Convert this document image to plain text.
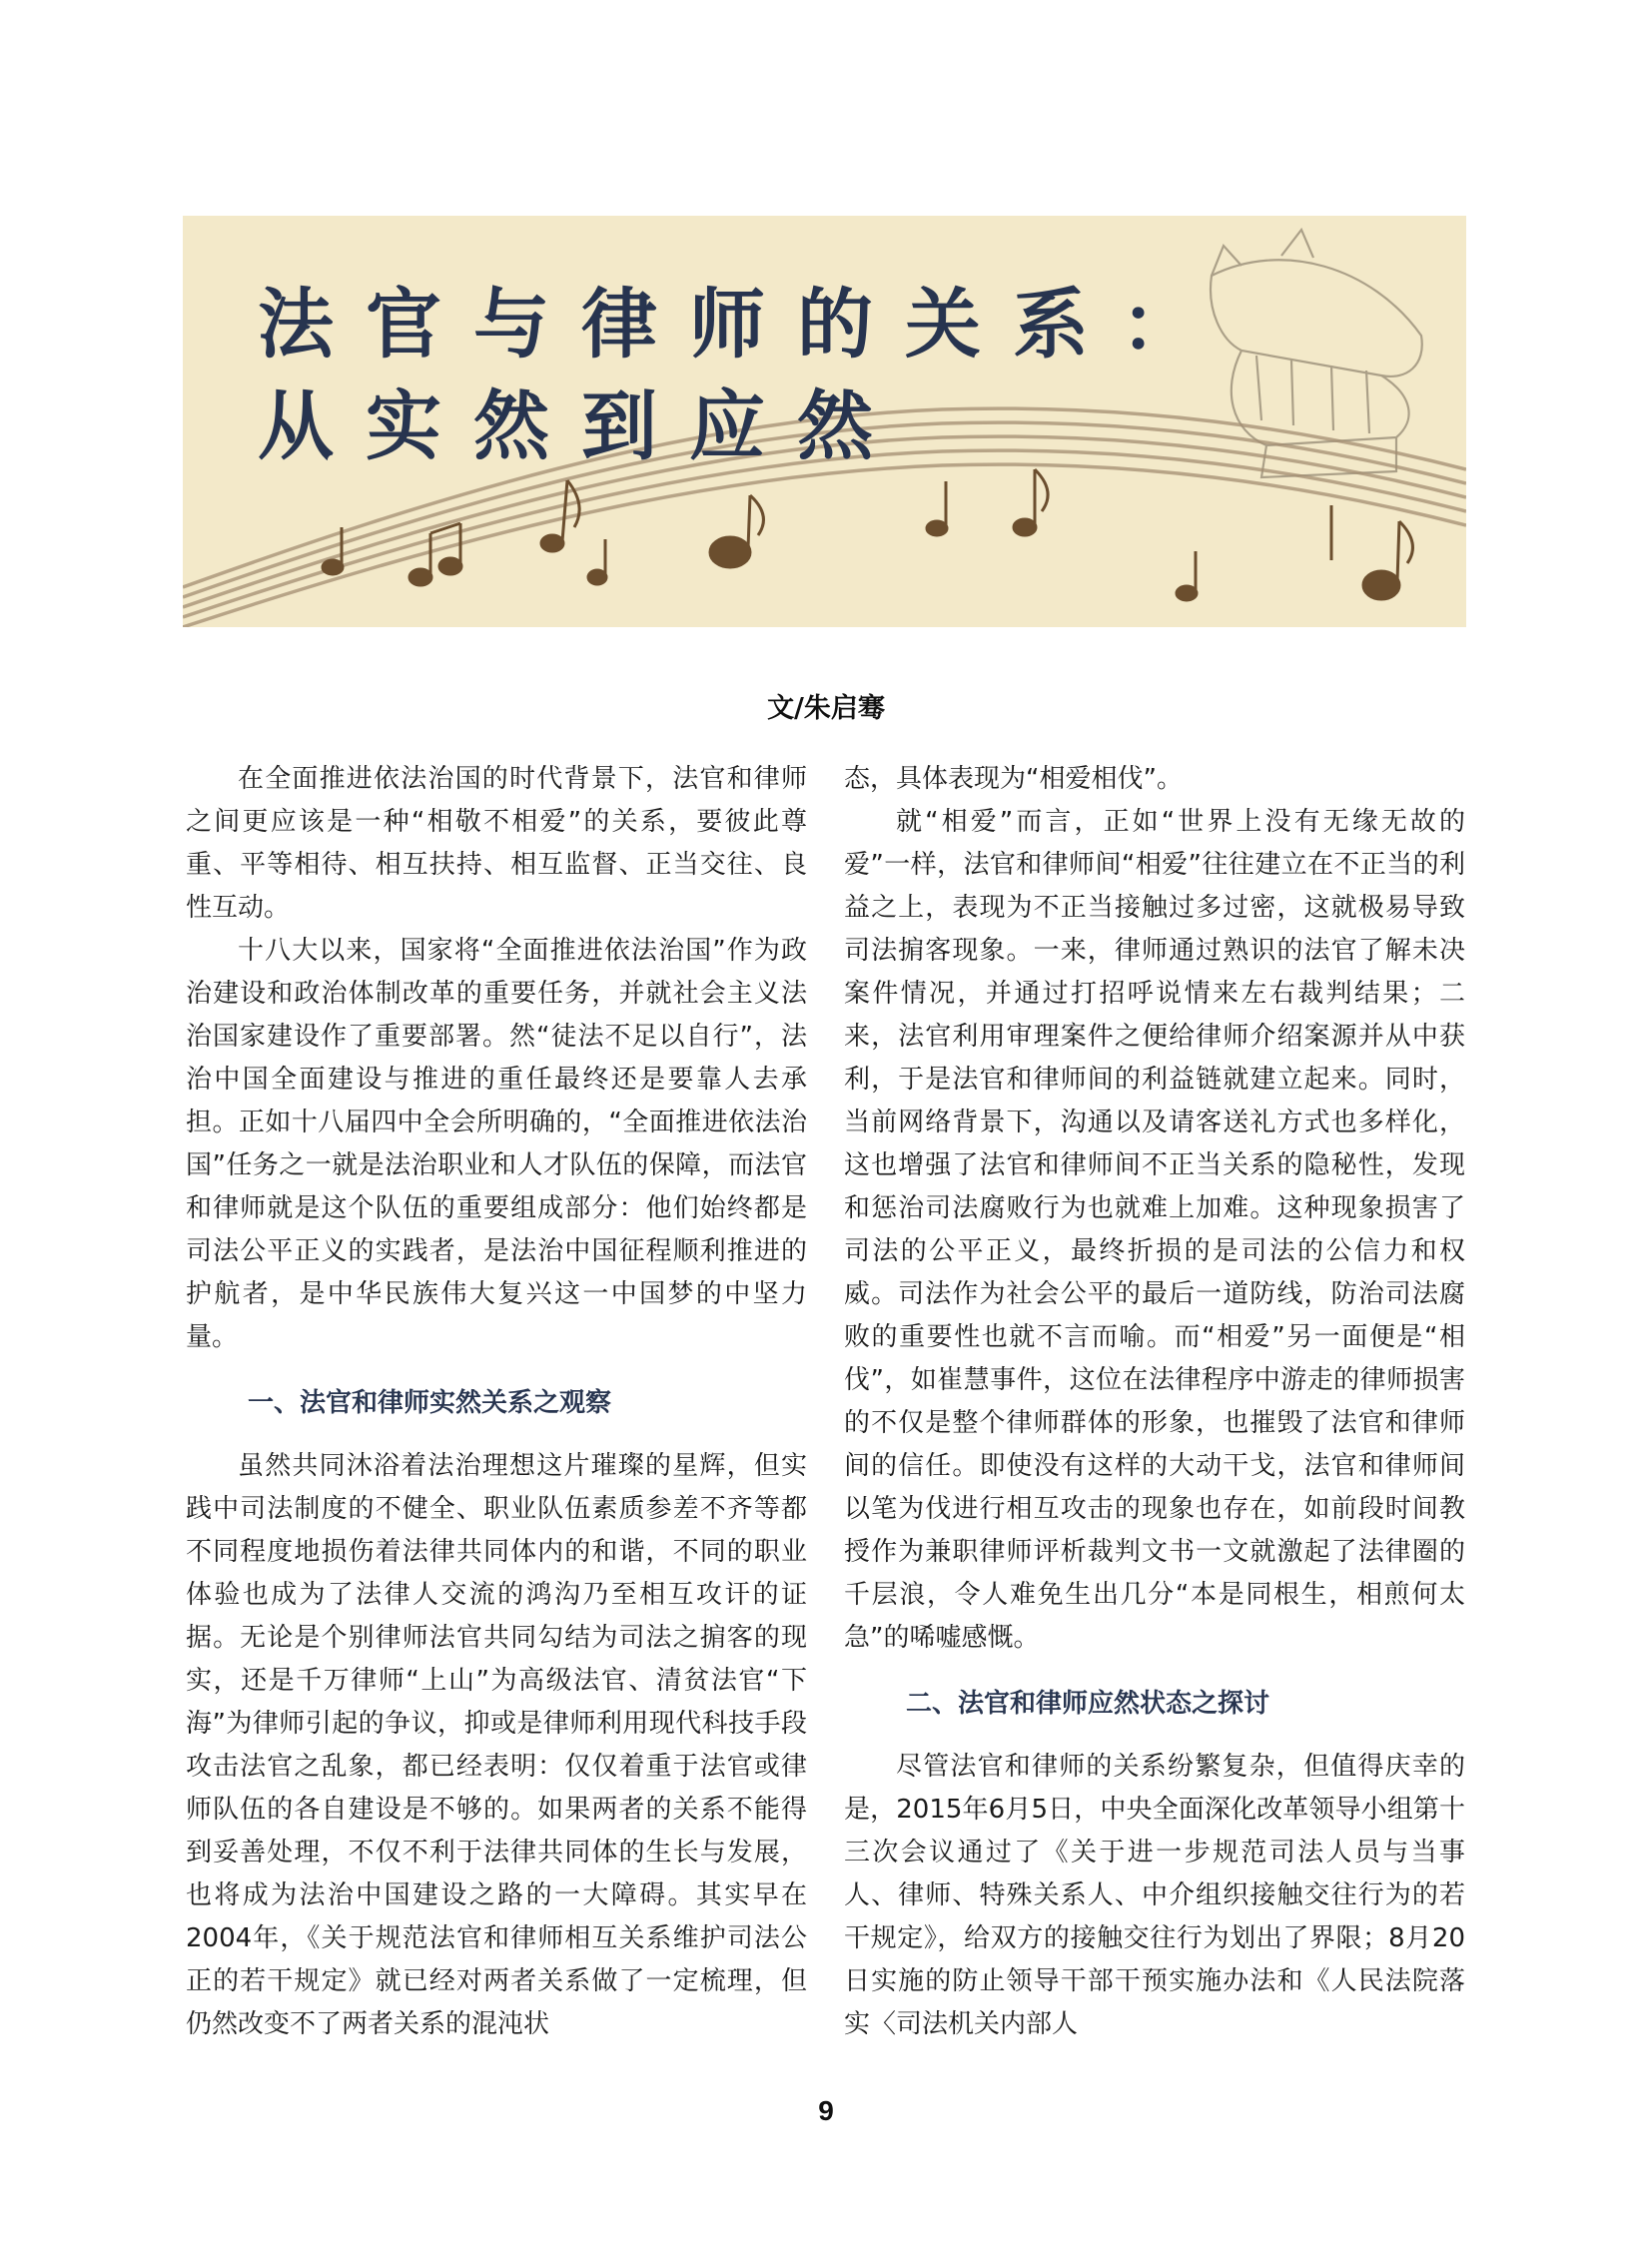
法官与律师的关系：
从实然到应然

文/朱启骞

在全面推进依法治国的时代背景下，法官和律师之间更应该是一种“相敬不相爱”的关系，要彼此尊重、平等相待、相互扶持、相互监督、正当交往、良性互动。

十八大以来，国家将“全面推进依法治国”作为政治建设和政治体制改革的重要任务，并就社会主义法治国家建设作了重要部署。然“徒法不足以自行”，法治中国全面建设与推进的重任最终还是要靠人去承担。正如十八届四中全会所明确的，“全面推进依法治国”任务之一就是法治职业和人才队伍的保障，而法官和律师就是这个队伍的重要组成部分：他们始终都是司法公平正义的实践者，是法治中国征程顺利推进的护航者，是中华民族伟大复兴这一中国梦的中坚力量。

一、法官和律师实然关系之观察

虽然共同沐浴着法治理想这片璀璨的星辉，但实践中司法制度的不健全、职业队伍素质参差不齐等都不同程度地损伤着法律共同体内的和谐，不同的职业体验也成为了法律人交流的鸿沟乃至相互攻讦的证据。无论是个别律师法官共同勾结为司法之掮客的现实，还是千万律师“上山”为高级法官、清贫法官“下海”为律师引起的争议，抑或是律师利用现代科技手段攻击法官之乱象，都已经表明：仅仅着重于法官或律师队伍的各自建设是不够的。如果两者的关系不能得到妥善处理，不仅不利于法律共同体的生长与发展，也将成为法治中国建设之路的一大障碍。其实早在2004年，《关于规范法官和律师相互关系维护司法公正的若干规定》就已经对两者关系做了一定梳理，但仍然改变不了两者关系的混沌状

态，具体表现为“相爱相伐”。

就“相爱”而言，正如“世界上没有无缘无故的爱”一样，法官和律师间“相爱”往往建立在不正当的利益之上，表现为不正当接触过多过密，这就极易导致司法掮客现象。一来，律师通过熟识的法官了解未决案件情况，并通过打招呼说情来左右裁判结果；二来，法官利用审理案件之便给律师介绍案源并从中获利，于是法官和律师间的利益链就建立起来。同时，当前网络背景下，沟通以及请客送礼方式也多样化，这也增强了法官和律师间不正当关系的隐秘性，发现和惩治司法腐败行为也就难上加难。这种现象损害了司法的公平正义，最终折损的是司法的公信力和权威。司法作为社会公平的最后一道防线，防治司法腐败的重要性也就不言而喻。而“相爱”另一面便是“相伐”，如崔慧事件，这位在法律程序中游走的律师损害的不仅是整个律师群体的形象，也摧毁了法官和律师间的信任。即使没有这样的大动干戈，法官和律师间以笔为伐进行相互攻击的现象也存在，如前段时间教授作为兼职律师评析裁判文书一文就激起了法律圈的千层浪，令人难免生出几分“本是同根生，相煎何太急”的唏嘘感慨。

二、法官和律师应然状态之探讨

尽管法官和律师的关系纷繁复杂，但值得庆幸的是，2015年6月5日，中央全面深化改革领导小组第十三次会议通过了《关于进一步规范司法人员与当事人、律师、特殊关系人、中介组织接触交往行为的若干规定》，给双方的接触交往行为划出了界限；8月20日实施的防止领导干部干预实施办法和《人民法院落实〈司法机关内部人

9
